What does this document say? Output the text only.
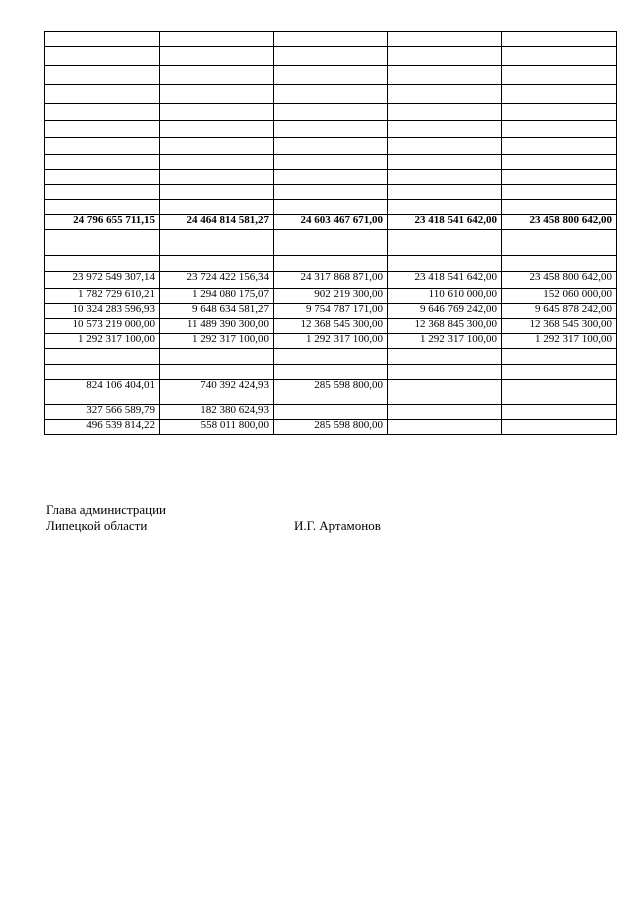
24 796 655 711,15	24 464 814 581,27	24 603 467 671,00	23 418 541 642,00	23 458 800 642,00

23 972 549 307,14	23 724 422 156,34	24 317 868 871,00	23 418 541 642,00	23 458 800 642,00
1 782 729 610,21	1 294 080 175,07	902 219 300,00	110 610 000,00	152 060 000,00
10 324 283 596,93	9 648 634 581,27	9 754 787 171,00	9 646 769 242,00	9 645 878 242,00
10 573 219 000,00	11 489 390 300,00	12 368 545 300,00	12 368 845 300,00	12 368 545 300,00
1 292 317 100,00	1 292 317 100,00	1 292 317 100,00	1 292 317 100,00	1 292 317 100,00

824 106 404,01	740 392 424,93	285 598 800,00		
327 566 589,79	182 380 624,93			
496 539 814,22	558 011 800,00	285 598 800,00		
Глава администрации
Липецкой области	И.Г. Артамонов
